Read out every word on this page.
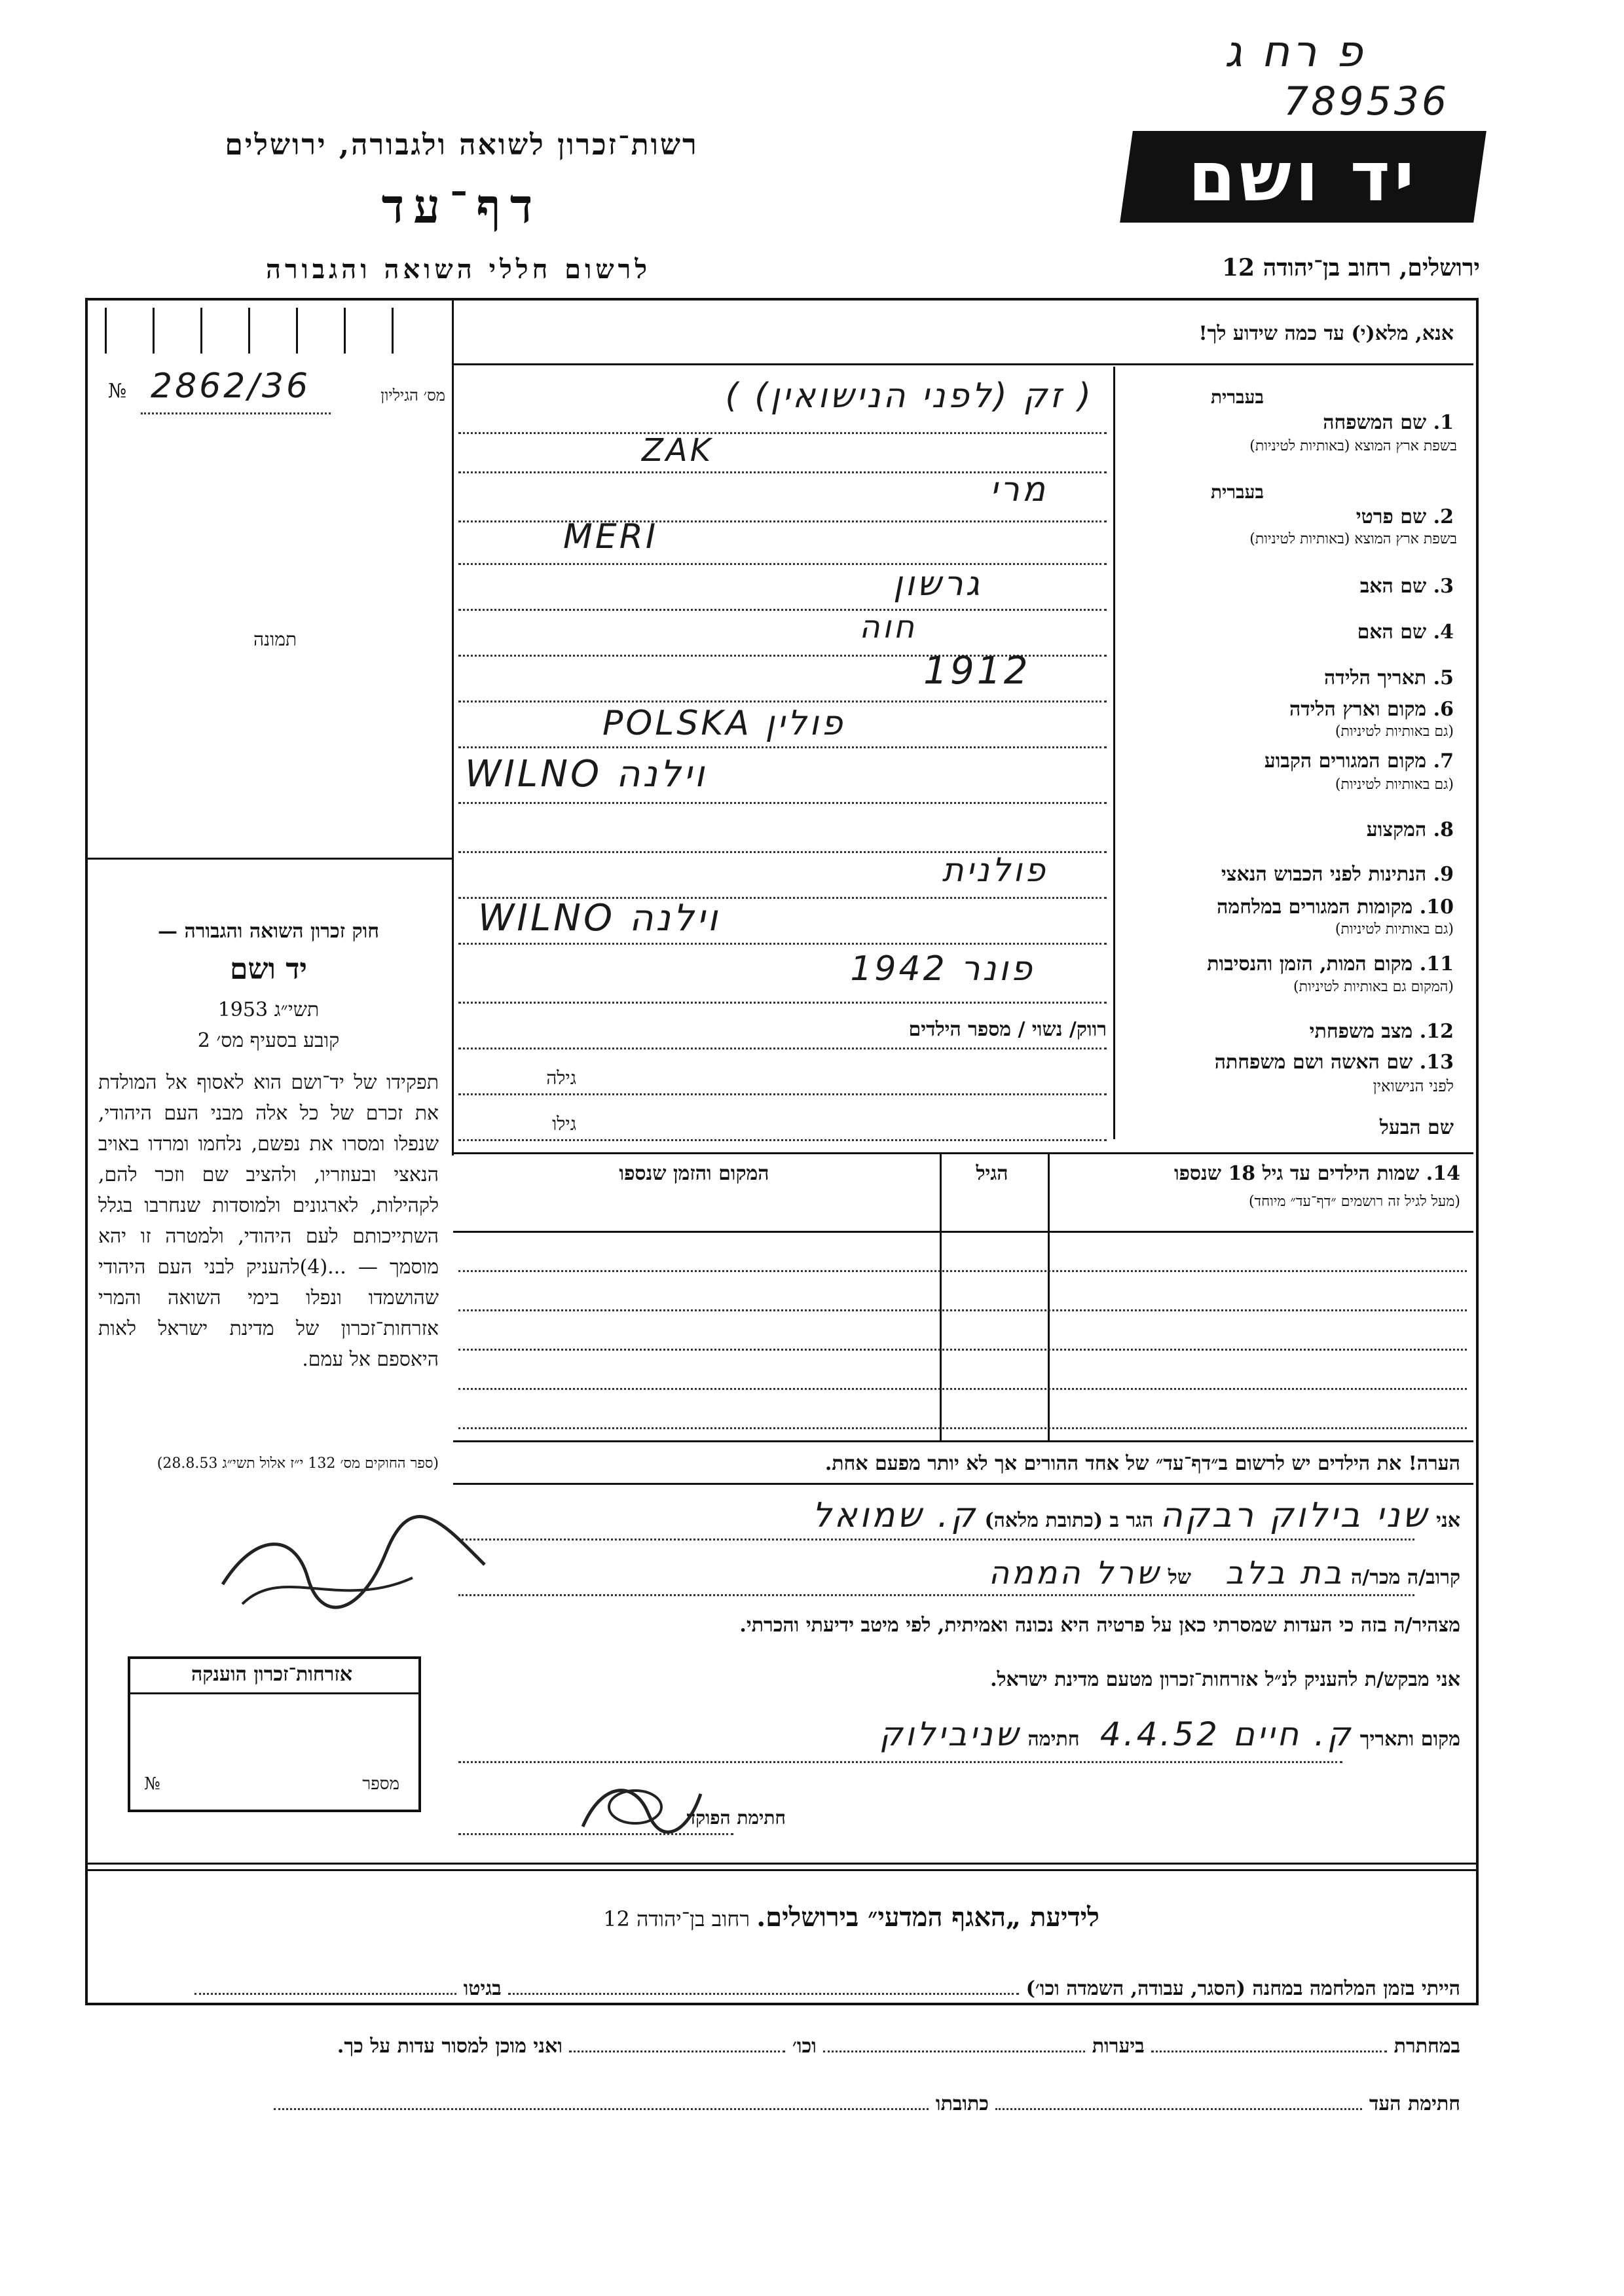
פ רח ג
789536
רשות־זכרון לשואה ולגבורה, ירושלים
דף־עד
לרשום חללי השואה והגבורה
יד ושם
ירושלים, רחוב בן־יהודה 12
אנא, מלא(י) עד כמה שידוע לך!
מס׳ הגיליון
2862/36
№
תמונה
בעברית
1. שם המשפחה
בשפת ארץ המוצא (באותיות לטיניות)
( זק (לפני הנישואין) )
ZAK
בעברית
2. שם פרטי
בשפת ארץ המוצא (באותיות לטיניות)
מרי
MERI
3. שם האב
גרשון
4. שם האם
חוה
5. תאריך הלידה
1912
6. מקום וארץ הלידה
(גם באותיות לטיניות)
POLSKA פולין
7. מקום המגורים הקבוע
(גם באותיות לטיניות)
WILNO וילנה
8. המקצוע
9. הנתינות לפני הכבוש הנאצי
פולנית
10. מקומות המגורים במלחמה
(גם באותיות לטיניות)
WILNO וילנה
11. מקום המות, הזמן והנסיבות
(המקום גם באותיות לטיניות)
פונר 1942
12. מצב משפחתי
רווק/ נשוי / מספר הילדים
13. שם האשה ושם משפחתה
לפני הנישואין
גילה
שם הבעל
גילו
חוק זכרון השואה והגבורה —
יד ושם
תשי״ג 1953
קובע בסעיף מס׳ 2
תפקידו של יד־ושם הוא לאסוף אל המולדת את זכרם של כל אלה מבני העם היהודי, שנפלו ומסרו את נפשם, נלחמו ומרדו באויב הנאצי ובעוזריו, ולהציב שם וזכר להם, לקהילות, לארגונים ולמוסדות שנחרבו בגלל השתייכותם לעם היהודי, ולמטרה זו יהא מוסמך — ...(4)להעניק לבני העם היהודי שהושמדו ונפלו בימי השואה והמרי אזרחות־זכרון של מדינת ישראל לאות היאספם אל עמם.
(ספר החוקים מס׳ 132 י״ז אלול תשי״ג 28.8.53)
14. שמות הילדים עד גיל 18 שנספו
(מעל לגיל זה רושמים ״דף־עד״ מיוחד)
הגיל
המקום והזמן שנספו
הערה! את הילדים יש לרשום ב״דף־עד״ של אחד ההורים אך לא יותר מפעם אחת.
אני שני בילוק רבקה הגר ב (כתובת מלאה) ק. שמואל
קרוב/ה מכר/ה בת בלב     של שרל הממה
מצהיר/ה בזה כי העדות שמסרתי כאן על פרטיה היא נכונה ואמיתית, לפי מיטב ידיעתי והכרתי.
אני מבקש/ת להעניק לנ״ל אזרחות־זכרון מטעם מדינת ישראל.
מקום ותאריך ק. חיים 4.4.52   חתימה שניבילוק
חתימת הפוקד
אזרחות־זכרון הוענקה
מספר
№
לידיעת „האגף המדעי״ בירושלים. רחוב בן־יהודה 12
הייתי בזמן המלחמה במחנה (הסגר, עבודה, השמדה וכו׳)  בגיטו
במחתרת  ביערות  וכו׳  ואני מוכן למסור עדות על כך.
חתימת העד  כתובתו
